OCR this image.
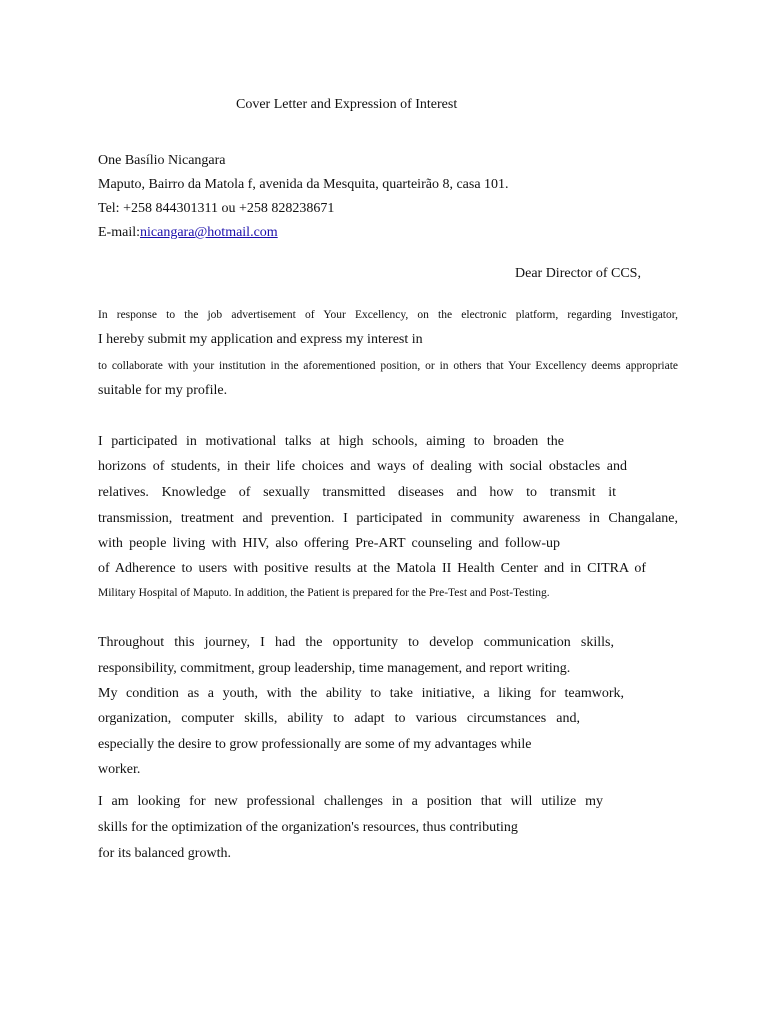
Cover Letter and Expression of Interest
One Basílio Nicangara
Maputo, Bairro da Matola f, avenida da Mesquita, quarteirão 8, casa 101.
Tel: +258 844301311 ou +258 828238671
E-mail:nicangara@hotmail.com
Dear Director of CCS,
In response to the job advertisement of Your Excellency, on the electronic platform, regarding Investigator,
I hereby submit my application and express my interest in
to collaborate with your institution in the aforementioned position, or in others that Your Excellency deems appropriate
suitable for my profile.
I participated in motivational talks at high schools, aiming to broaden the
horizons of students, in their life choices and ways of dealing with social obstacles and
relatives. Knowledge of sexually transmitted diseases and how to transmit it
transmission, treatment and prevention. I participated in community awareness in Changalane,
with people living with HIV, also offering Pre-ART counseling and follow-up
of Adherence to users with positive results at the Matola II Health Center and in CITRA of
Military Hospital of Maputo. In addition, the Patient is prepared for the Pre-Test and Post-Testing.
Throughout this journey, I had the opportunity to develop communication skills,
responsibility, commitment, group leadership, time management, and report writing.
My condition as a youth, with the ability to take initiative, a liking for teamwork,
organization, computer skills, ability to adapt to various circumstances and,
especially the desire to grow professionally are some of my advantages while
worker.
I am looking for new professional challenges in a position that will utilize my
skills for the optimization of the organization's resources, thus contributing
for its balanced growth.
